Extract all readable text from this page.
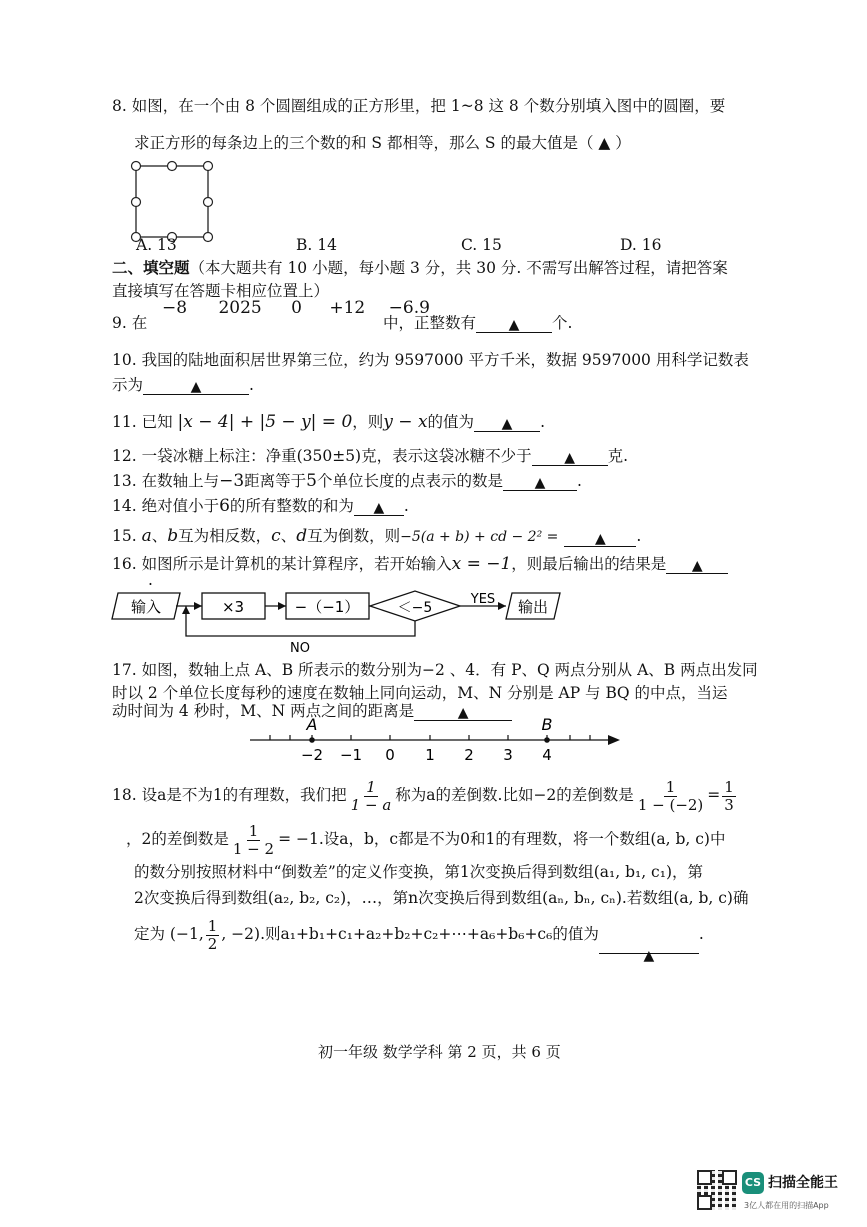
8. 如图，在一个由 8 个圆圈组成的正方形里，把 1~8 这 8 个数分别填入图中的圆圈，要
求正方形的每条边上的三个数的和 S 都相等，那么 S 的最大值是（ ▲ ）
A. 13	B. 14	C. 15	D. 16
二、填空题（本大题共有 10 小题，每小题 3 分，共 30 分. 不需写出解答过程，请把答案
直接填写在答题卡相应位置上）
−8 2025 0 +12 −6.9
9. 在	中，正整数有 ▲ 个.
10. 我国的陆地面积居世界第三位，约为 9597000 平方千米，数据 9597000 用科学记数表
示为	▲	.
11. 已知 |x − 4| + |5 − y| = 0，则y − x的值为 ▲ .
12. 一袋冰糖上标注：净重(350±5)克，表示这袋冰糖不少于 ▲ 克.
13. 在数轴上与−3距离等于5个单位长度的点表示的数是 ▲ .
14. 绝对值小于6的所有整数的和为 ▲ .
15. a、b互为相反数，c、d互为倒数，则−5(a + b) + cd − 2² =	▲ .
16. 如图所示是计算机的某计算程序，若开始输入x = −1，则最后输出的结果是 ▲
.
输入	×3	−（−1）	＜−5
YES 输出
NO
17. 如图，数轴上点 A、B 所表示的数分别为−2 、4．有 P、Q 两点分别从 A、B 两点出发同
时以 2 个单位长度每秒的速度在数轴上同向运动，M、N 分别是 AP 与 BQ 的中点，当运
动时间为 4 秒时，M、N 两点之间的距离是	▲
A	B
−2 −1 0 1 2 3 4
18. 设a是不为1的有理数，我们把 $\frac{1}{1 - a}$ 称为a的差倒数.比如−2的差倒数是 $\frac{1}{1 - (-2)} = \frac{1}{3}$
，2的差倒数是 $\frac{1}{1 - 2} = -1$.设a，b，c都是不为0和1的有理数，将一个数组(a, b, c)中
的数分别按照材料中“倒数差”的定义作变换，第1次变换后得到数组(a₁, b₁, c₁)，第
2次变换后得到数组(a₂, b₂, c₂)，…，第n次变换后得到数组(aₙ, bₙ, cₙ).若数组(a, b, c)确
定为 (−1, $\frac{1}{2}$ , −2).则a₁+b₁+c₁+a₂+b₂+c₂+⋯+a₆+b₆+c₆的值为▲.
初一年级 数学学科 第 2 页，共 6 页
CS 扫描全能王
3亿人都在用的扫描App
